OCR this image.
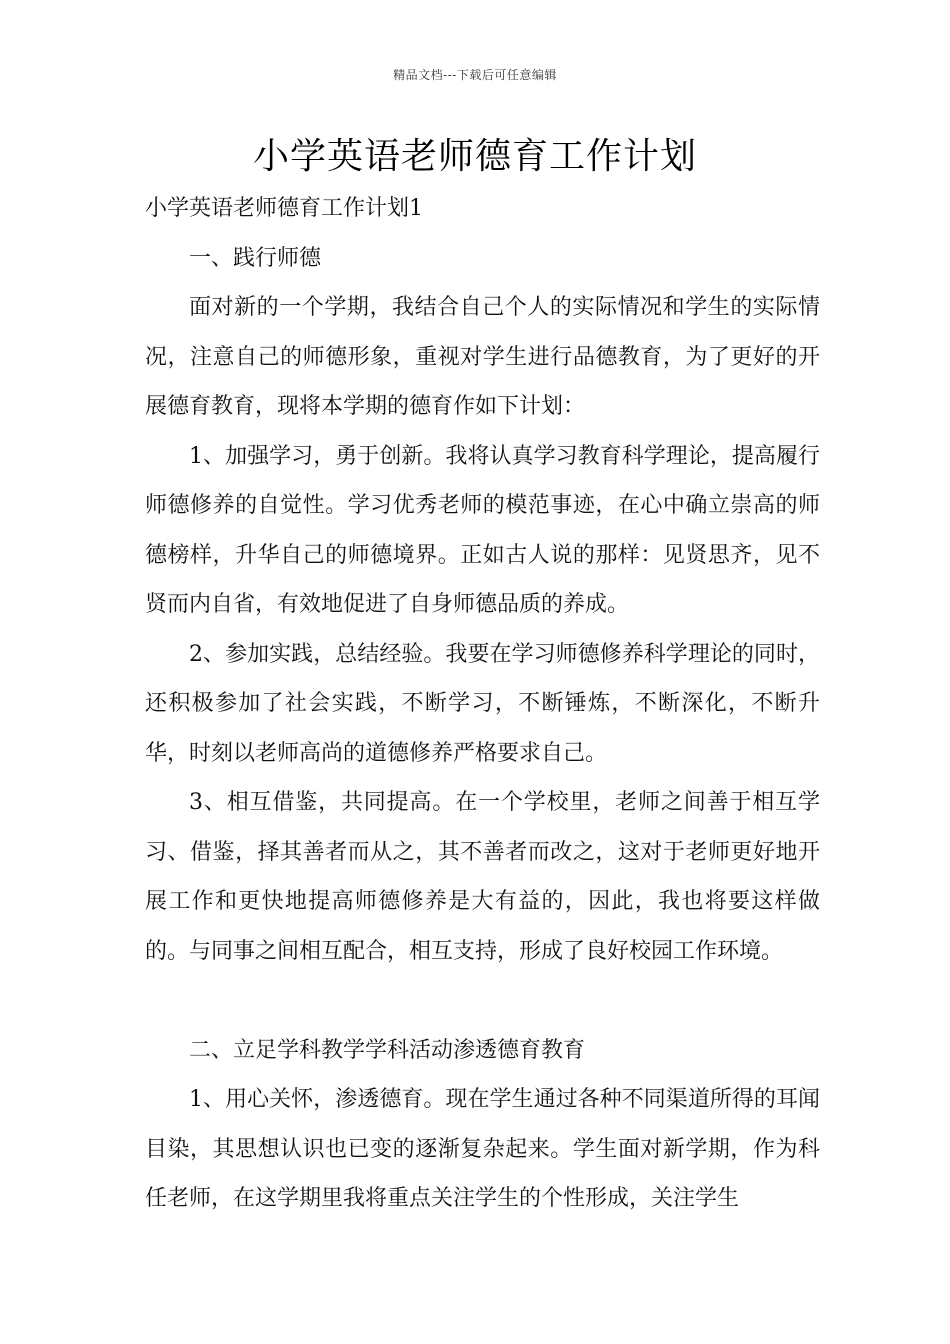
精品文档---下载后可任意编辑
小学英语老师德育工作计划

小学英语老师德育工作计划1

一、践行师德

面对新的一个学期，我结合自己个人的实际情况和学生的实际情况，注意自己的师德形象，重视对学生进行品德教育，为了更好的开展德育教育，现将本学期的德育作如下计划：

1、加强学习，勇于创新。我将认真学习教育科学理论，提高履行师德修养的自觉性。学习优秀老师的模范事迹，在心中确立崇高的师德榜样，升华自己的师德境界。正如古人说的那样：见贤思齐，见不贤而内自省，有效地促进了自身师德品质的养成。

2、参加实践，总结经验。我要在学习师德修养科学理论的同时，还积极参加了社会实践，不断学习，不断锤炼，不断深化，不断升华，时刻以老师高尚的道德修养严格要求自己。

3、相互借鉴，共同提高。在一个学校里，老师之间善于相互学习、借鉴，择其善者而从之，其不善者而改之，这对于老师更好地开展工作和更快地提高师德修养是大有益的，因此，我也将要这样做的。与同事之间相互配合，相互支持，形成了良好校园工作环境。

二、立足学科教学学科活动渗透德育教育

1、用心关怀，渗透德育。现在学生通过各种不同渠道所得的耳闻目染，其思想认识也已变的逐渐复杂起来。学生面对新学期，作为科任老师，在这学期里我将重点关注学生的个性形成，关注学生
